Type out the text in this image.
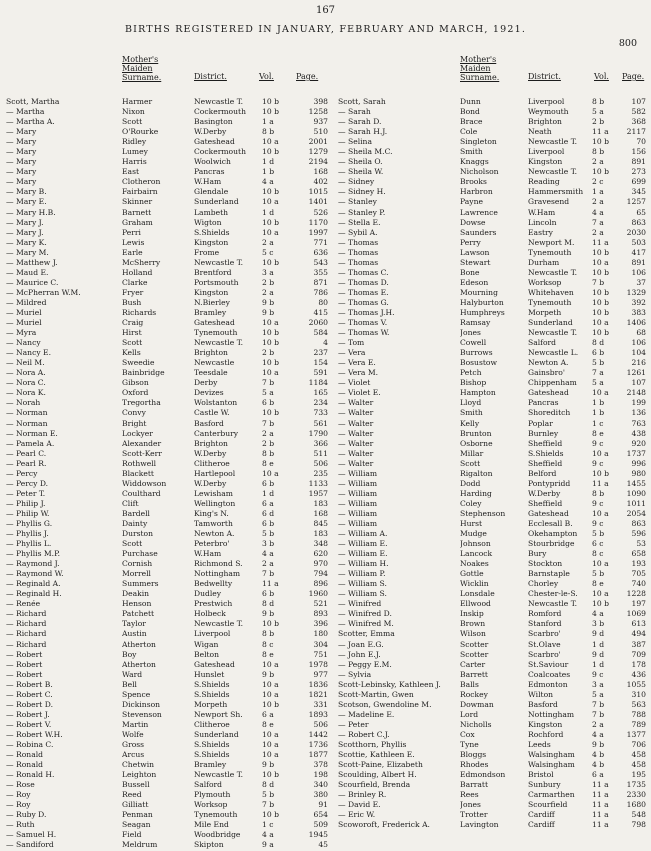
167
BIRTHS REGISTERED IN JANUARY, FEBRUARY AND MARCH, 1921.
800
Mother's Maiden Surname.	District.	Vol.	Page.
Scott, Martha	Harmer	Newcastle T.	10 b	398
— Martha	Nixon	Cockermouth	10 b	1258
— Martha A.	Scott	Basington	1 a	937
— Mary	O'Rourke	W.Derby	8 b	510
— Mary	Ridley	Gateshead	10 a	2001
— Mary	Lumey	Cockermouth	10 b	1279
— Mary	Harris	Woolwich	1 d	2194
— Mary	East	Pancras	1 b	168
— Mary	Clotheron	W.Ham	4 a	402
— Mary B.	Fairbairn	Glendale	10 b	1015
— Mary E.	Skinner	Sunderland	10 a	1401
— Mary H.B.	Barnett	Lambeth	1 d	526
— Mary J.	Graham	Wigton	10 b	1170
— Mary J.	Perri	S.Shields	10 a	1997
— Mary K.	Lewis	Kingston	2 a	771
— Mary M.	Earle	Frome	5 c	636
— Matthew J.	McSherry	Newcastle T.	10 b	543
— Maud E.	Holland	Brentford	3 a	355
— Maurice C.	Clarke	Portsmouth	2 b	871
— McPherran W.M.	Fryer	Kingston	2 a	786
— Mildred	Bush	N.Bierley	9 b	80
— Muriel	Richards	Bramley	9 b	415
— Muriel	Craig	Gateshead	10 a	2060
— Myra	Hirst	Tynemouth	10 b	584
— Nancy	Scott	Newcastle T.	10 b	4
— Nancy E.	Kells	Brighton	2 b	237
— Neil M.	Sweedie	Newcastle	10 b	154
— Nora A.	Bainbridge	Teesdale	10 a	591
— Nora C.	Gibson	Derby	7 b	1184
— Nora K.	Oxford	Devizes	5 a	165
— Norah	Tregortha	Wolstanton	6 b	234
— Norman	Convy	Castle W.	10 b	733
— Norman	Bright	Basford	7 b	561
— Norman E.	Lockyer	Canterbury	2 a	1790
— Pamela A.	Alexander	Brighton	2 b	366
— Pearl C.	Scott-Kerr	W.Derby	8 b	511
— Pearl R.	Rothwell	Clitheroe	8 e	506
— Percy	Blackett	Hartlepool	10 a	235
— Percy D.	Widdowson	W.Derby	6 b	1133
— Peter T.	Coulthard	Lewisham	1 d	1957
— Philip J.	Clift	Wellington	6 a	183
— Philip W.	Bardell	King's N.	6 d	168
— Phyllis G.	Dainty	Tamworth	6 b	845
— Phyllis J.	Durston	Newton A.	5 b	183
— Phyllis L.	Scott	Peterbro'	3 b	348
— Phyllis M.P.	Purchase	W.Ham	4 a	620
— Raymond J.	Cornish	Richmond S.	2 a	970
— Raymond W.	Morrell	Nottingham	7 b	794
— Reginald A.	Summers	Bedwellty	11 a	896
— Reginald H.	Deakin	Dudley	6 b	1960
— Renée	Henson	Prestwich	8 d	521
— Richard	Patchett	Holbeck	9 b	893
— Richard	Taylor	Newcastle T.	10 b	396
— Richard	Austin	Liverpool	8 b	180
— Richard	Atherton	Wigan	8 c	304
— Robert	Boy	Belton	8 e	751
— Robert	Atherton	Gateshead	10 a	1978
— Robert	Ward	Hunslet	9 b	977
— Robert B.	Bell	S.Shields	10 a	1836
— Robert C.	Spence	S.Shields	10 a	1821
— Robert D.	Dickinson	Morpeth	10 b	331
— Robert J.	Stevenson	Newport Sh.	6 a	1893
— Robert V.	Martin	Clitheroe	8 e	506
— Robert W.H.	Wolfe	Sunderland	10 a	1442
— Robina C.	Gross	S.Shields	10 a	1736
— Ronald	Arcus	S.Shields	10 a	1877
— Ronald	Chetwin	Bramley	9 b	378
— Ronald H.	Leighton	Newcastle T.	10 b	198
— Rose	Bussell	Salford	8 d	340
— Roy	Reed	Plymouth	5 b	380
— Roy	Gilliatt	Worksop	7 b	91
— Ruby D.	Penman	Tynemouth	10 b	654
— Ruth	Seagan	Mile End	1 c	509
— Samuel H.	Field	Woodbridge	4 a	1945
— Sandiford	Meldrum	Skipton	9 a	45
Mother's Maiden Surname.	District.	Vol. Page.
Scott, Sarah	Dunn	Liverpool	8 b	107
— Sarah	Bond	Weymouth	5 a	582
— Sarah D.	Brace	Brighton	2 b	368
— Sarah H.J.	Cole	Neath	11 a	2117
— Selina	Singleton	Newcastle T.	10 b	70
— Sheila M.C.	Smith	Liverpool	8 b	156
— Sheila O.	Knaggs	Kingston	2 a	891
— Sheila W.	Nicholson	Newcastle T.	10 b	273
— Sidney	Brooks	Reading	2 c	699
— Sidney H.	Harbron	Hammersmith	1 a	345
— Stanley	Payne	Gravesend	2 a	1257
— Stanley P.	Lawrence	W.Ham	4 a	65
— Stella E.	Dowse	Lincoln	7 a	863
— Sybil A.	Saunders	Eastry	2 a	2030
— Thomas	Perry	Newport M.	11 a	503
— Thomas	Lawson	Tynemouth	10 b	417
— Thomas	Stewart	Durham	10 a	891
— Thomas C.	Bone	Newcastle T.	10 b	106
— Thomas D.	Edeson	Worksop	7 b	37
— Thomas E.	Mourning	Whitehaven	10 b	1329
— Thomas G.	Halyburton	Tynemouth	10 b	392
— Thomas J.H.	Humphreys	Morpeth	10 b	383
— Thomas V.	Ramsay	Sunderland	10 a	1406
— Thomas W.	Jones	Newcastle T.	10 b	68
— Tom	Cowell	Salford	8 d	106
— Vera	Burrows	Newcastle L.	6 b	104
— Vera E.	Bosustow	Newton A.	5 b	216
— Vera M.	Petch	Gainsbro'	7 a	1261
— Violet	Bishop	Chippenham	5 a	107
— Violet E.	Hampton	Gateshead	10 a	2148
— Walter	Lloyd	Pancras	1 b	199
— Walter	Smith	Shoreditch	1 b	136
— Walter	Kelly	Poplar	1 c	763
— Walter	Brunton	Burnley	8 e	438
— Walter	Osborne	Sheffield	9 c	920
— Walter	Millar	S.Shields	10 a	1737
— Walter	Scott	Sheffield	9 c	996
— William	Rigalton	Belford	10 b	980
— William	Dodd	Pontypridd	11 a	1455
— William	Harding	W.Derby	8 b	1090
— William	Coley	Sheffield	9 c	1011
— William	Stephenson	Gateshead	10 a	2054
— William	Hurst	Ecclesall B.	9 c	863
— William A.	Mudge	Okehampton	5 b	596
— William E.	Johnson	Stourbridge	6 c	53
— William E.	Lancock	Bury	8 c	658
— William H.	Noakes	Stockton	10 a	193
— William P.	Gottle	Barnstaple	5 b	705
— William S.	Wicklin	Chorley	8 e	740
— William S.	Lonsdale	Chester-le-S.	10 a	1228
— Winifred	Ellwood	Newcastle T.	10 b	197
— Winifred D.	Inskip	Romford	4 a	1069
— Winifred M.	Brown	Stanford	3 b	613
Scotter, Emma	Wilson	Scarbro'	9 d	494
— Joan E.G.	Scotter	St.Olave	1 d	387
— John E.J.	Scotter	Scarbro'	9 d	709
— Peggy E.M.	Carter	St.Saviour	1 d	178
— Sylvia	Barrett	Coalcoates	9 c	436
Scott-Lebinsky, Kathleen J.	Balls	Edmonton	3 a	1055
Scott-Martin, Gwen	Rockey	Wilton	5 a	310
Scotson, Gwendoline M.	Dowman	Basford	7 b	563
— Madeline E.	Lord	Nottingham	7 b	788
— Peter	Nicholls	Kingston	2 a	789
— Robert C.J.	Cox	Rochford	4 a	1377
Scotthorn, Phyllis	Tyne	Leeds	9 b	706
Scottie, Kathleen E.	Bloggs	Walsingham	4 b	458
Scott-Paine, Elizabeth	Rhodes	Walsingham	4 b	458
Scoulding, Albert H.	Edmondson	Bristol	6 a	195
Scourfield, Brenda	Barratt	Sunbury	11 a	1735
— Brinley R.	Rees	Carmarthen	11 a	2330
— David E.	Jones	Scourfield	11 a	1680
— Eric W.	Trotter	Cardiff	11 a	548
Scoworoft, Frederick A.	Lavington	Cardiff	11 a	798
